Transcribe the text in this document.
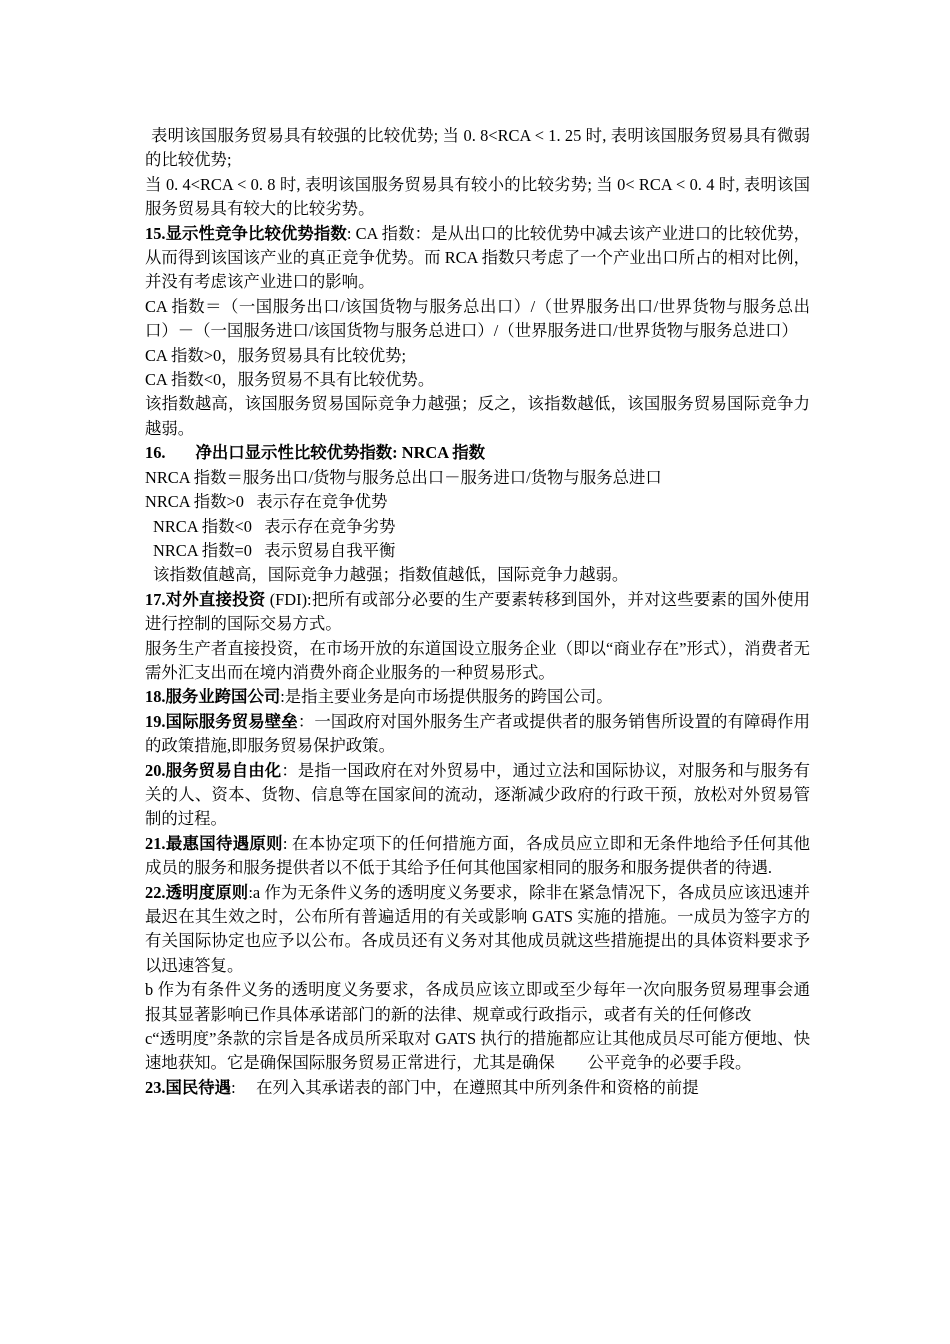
表明该国服务贸易具有较强的比较优势; 当 0. 8<RCA < 1. 25 时, 表明该国服务贸易具有微弱的比较优势;

当 0. 4<RCA < 0. 8 时, 表明该国服务贸易具有较小的比较劣势; 当 0< RCA < 0. 4 时, 表明该国服务贸易具有较大的比较劣势。

15.显示性竞争比较优势指数: CA 指数：是从出口的比较优势中减去该产业进口的比较优势，从而得到该国该产业的真正竞争优势。而 RCA 指数只考虑了一个产业出口所占的相对比例，并没有考虑该产业进口的影响。

CA 指数＝（一国服务出口/该国货物与服务总出口）/（世界服务出口/世界货物与服务总出口）－（一国服务进口/该国货物与服务总进口）/（世界服务进口/世界货物与服务总进口）

CA 指数>0，服务贸易具有比较优势;

CA 指数<0，服务贸易不具有比较优势。

该指数越高，该国服务贸易国际竞争力越强；反之，该指数越低，该国服务贸易国际竞争力越弱。

16. 净出口显示性比较优势指数: NRCA 指数

NRCA 指数＝服务出口/货物与服务总出口－服务进口/货物与服务总进口

NRCA 指数>0   表示存在竞争优势

NRCA 指数<0   表示存在竞争劣势

NRCA 指数=0   表示贸易自我平衡

该指数值越高，国际竞争力越强；指数值越低，国际竞争力越弱。

17.对外直接投资 (FDI):把所有或部分必要的生产要素转移到国外，并对这些要素的国外使用进行控制的国际交易方式。

服务生产者直接投资，在市场开放的东道国设立服务企业（即以“商业存在”形式），消费者无需外汇支出而在境内消费外商企业服务的一种贸易形式。

18.服务业跨国公司:是指主要业务是向市场提供服务的跨国公司。

19.国际服务贸易壁垒：一国政府对国外服务生产者或提供者的服务销售所设置的有障碍作用的政策措施,即服务贸易保护政策。

20.服务贸易自由化：是指一国政府在对外贸易中，通过立法和国际协议，对服务和与服务有关的人、资本、货物、信息等在国家间的流动，逐渐减少政府的行政干预，放松对外贸易管制的过程。

21.最惠国待遇原则: 在本协定项下的任何措施方面，各成员应立即和无条件地给予任何其他成员的服务和服务提供者以不低于其给予任何其他国家相同的服务和服务提供者的待遇.

22.透明度原则:a 作为无条件义务的透明度义务要求，除非在紧急情况下，各成员应该迅速并最迟在其生效之时，公布所有普遍适用的有关或影响 GATS 实施的措施。一成员为签字方的有关国际协定也应予以公布。各成员还有义务对其他成员就这些措施提出的具体资料要求予以迅速答复。

b 作为有条件义务的透明度义务要求，各成员应该立即或至少每年一次向服务贸易理事会通报其显著影响已作具体承诺部门的新的法律、规章或行政指示，或者有关的任何修改

c“透明度”条款的宗旨是各成员所采取对 GATS 执行的措施都应让其他成员尽可能方便地、快速地获知。它是确保国际服务贸易正常进行，尤其是确保　　公平竞争的必要手段。

23.国民待遇:　 在列入其承诺表的部门中，在遵照其中所列条件和资格的前提
